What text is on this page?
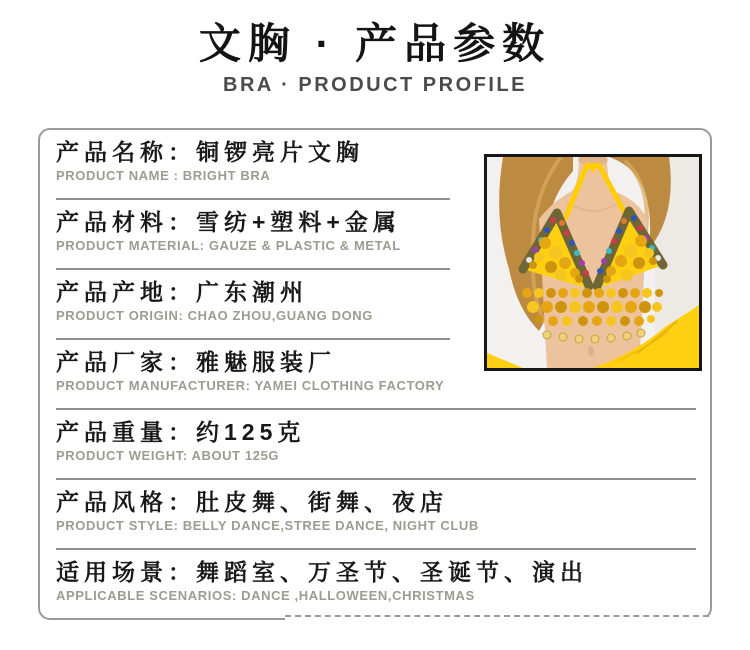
文胸 · 产品参数
BRA · PRODUCT PROFILE
产品名称：铜锣亮片文胸
PRODUCT NAME : BRIGHT BRA
产品材料：雪纺+塑料+金属
PRODUCT MATERIAL: GAUZE & PLASTIC & METAL
产品产地：广东潮州
PRODUCT ORIGIN: CHAO ZHOU,GUANG DONG
产品厂家：雅魅服装厂
PRODUCT MANUFACTURER: YAMEI CLOTHING FACTORY
产品重量：约125克
PRODUCT WEIGHT: ABOUT 125G
产品风格：肚皮舞、街舞、夜店
PRODUCT STYLE: BELLY DANCE,STREE DANCE, NIGHT CLUB
适用场景：舞蹈室、万圣节、圣诞节、演出
APPLICABLE SCENARIOS: DANCE ,HALLOWEEN,CHRISTMAS
